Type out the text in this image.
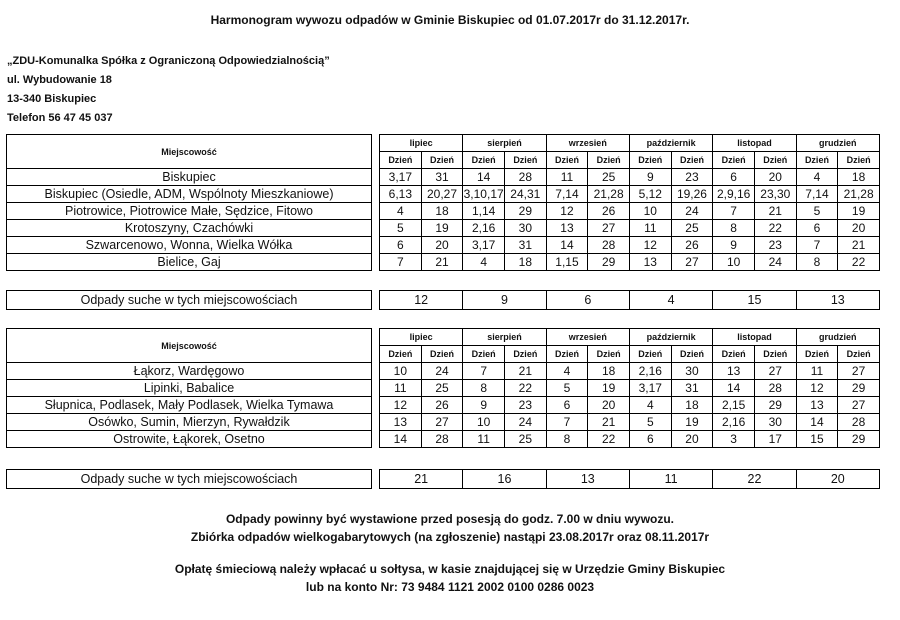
Harmonogram wywozu odpadów w Gminie Biskupiec od 01.07.2017r do 31.12.2017r.
„ZDU-Komunalka Spółka z Ograniczoną Odpowiedzialnością”
ul. Wybudowanie 18
13-340 Biskupiec
Telefon 56 47 45 037
Miejscowość		lipiec		sierpień		wrzesień		październik		listopad		grudzień	
		Dzień	Dzień	Dzień	Dzień	Dzień	Dzień	Dzień	Dzień	Dzień	Dzień	Dzień	Dzień
Biskupiec		3,17	31	14	28	11	25	9	23	6	20	4	18
Biskupiec (Osiedle, ADM, Wspólnoty Mieszkaniowe)		6,13	20,27	3,10,17	24,31	7,14	21,28	5,12	19,26	2,9,16	23,30	7,14	21,28
Piotrowice, Piotrowice Małe, Sędzice, Fitowo		4	18	1,14	29	12	26	10	24	7	21	5	19
Krotoszyny, Czachówki		5	19	2,16	30	13	27	11	25	8	22	6	20
Szwarcenowo, Wonna, Wielka Wółka		6	20	3,17	31	14	28	12	26	9	23	7	21
Bielice, Gaj		7	21	4	18	1,15	29	13	27	10	24	8	22
Odpady suche w tych miejscowościach		12	9	6	4	15	13
Miejscowość		lipiec		sierpień		wrzesień		październik		listopad		grudzień	
		Dzień	Dzień	Dzień	Dzień	Dzień	Dzień	Dzień	Dzień	Dzień	Dzień	Dzień	Dzień
Łąkorz, Wardęgowo		10	24	7	21	4	18	2,16	30	13	27	11	27
Lipinki, Babalice		11	25	8	22	5	19	3,17	31	14	28	12	29
Słupnica, Podlasek, Mały Podlasek, Wielka Tymawa		12	26	9	23	6	20	4	18	2,15	29	13	27
Osówko, Sumin, Mierzyn, Rywałdzik		13	27	10	24	7	21	5	19	2,16	30	14	28
Ostrowite, Łąkorek, Osetno		14	28	11	25	8	22	6	20	3	17	15	29
Odpady suche w tych miejscowościach		21	16	13	11	22	20
Odpady powinny być wystawione przed posesją do godz. 7.00 w dniu wywozu.
Zbiórka odpadów wielkogabarytowych (na zgłoszenie) nastąpi 23.08.2017r oraz 08.11.2017r
Opłatę śmieciową należy wpłacać u sołtysa, w kasie znajdującej się w Urzędzie Gminy Biskupiec
lub na konto Nr: 73 9484 1121 2002 0100 0286 0023
